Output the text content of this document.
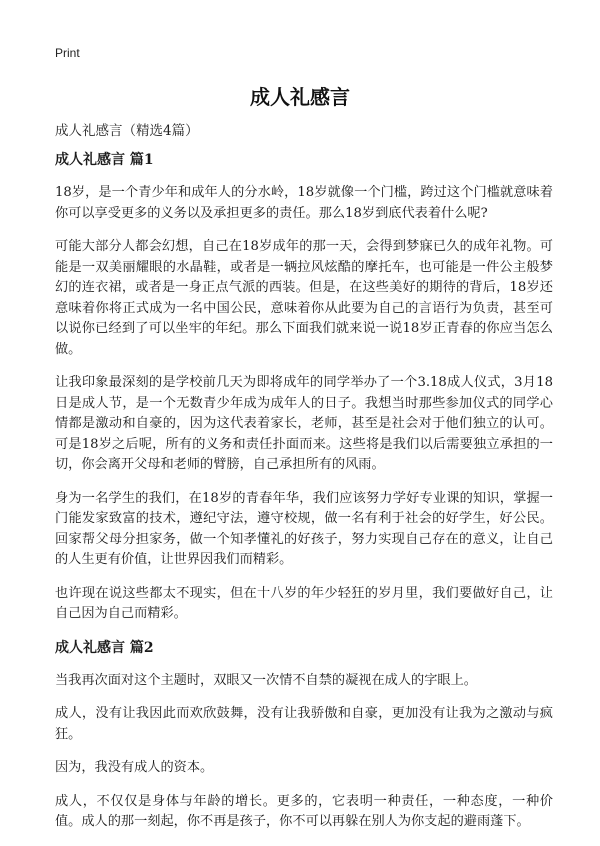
Print
成人礼感言
成人礼感言（精选4篇）
成人礼感言 篇1

18岁，是一个青少年和成年人的分水岭，18岁就像一个门槛，跨过这个门槛就意味着你可以享受更多的义务以及承担更多的责任。那么18岁到底代表着什么呢?

可能大部分人都会幻想，自己在18岁成年的那一天，会得到梦寐已久的成年礼物。可能是一双美丽耀眼的水晶鞋，或者是一辆拉风炫酷的摩托车，也可能是一件公主般梦幻的连衣裙，或者是一身正点气派的西装。但是，在这些美好的期待的背后，18岁还意味着你将正式成为一名中国公民，意味着你从此要为自己的言语行为负责，甚至可以说你已经到了可以坐牢的年纪。那么下面我们就来说一说18岁正青春的你应当怎么做。

让我印象最深刻的是学校前几天为即将成年的同学举办了一个3.18成人仪式，3月18日是成人节，是一个无数青少年成为成年人的日子。我想当时那些参加仪式的同学心情都是激动和自豪的，因为这代表着家长，老师，甚至是社会对于他们独立的认可。可是18岁之后呢，所有的义务和责任扑面而来。这些将是我们以后需要独立承担的一切，你会离开父母和老师的臂膀，自己承担所有的风雨。

身为一名学生的我们，在18岁的青春年华，我们应该努力学好专业课的知识，掌握一门能发家致富的技术，遵纪守法，遵守校规，做一名有利于社会的好学生，好公民。回家帮父母分担家务，做一个知孝懂礼的好孩子，努力实现自己存在的意义，让自己的人生更有价值，让世界因我们而精彩。

也许现在说这些都太不现实，但在十八岁的年少轻狂的岁月里，我们要做好自己，让自己因为自己而精彩。

成人礼感言 篇2

当我再次面对这个主题时，双眼又一次情不自禁的凝视在成人的字眼上。

成人，没有让我因此而欢欣鼓舞，没有让我骄傲和自豪，更加没有让我为之激动与疯狂。

因为，我没有成人的资本。

成人，不仅仅是身体与年龄的增长。更多的，它表明一种责任，一种态度，一种价值。成人的那一刻起，你不再是孩子，你不可以再躲在别人为你支起的避雨蓬下。
